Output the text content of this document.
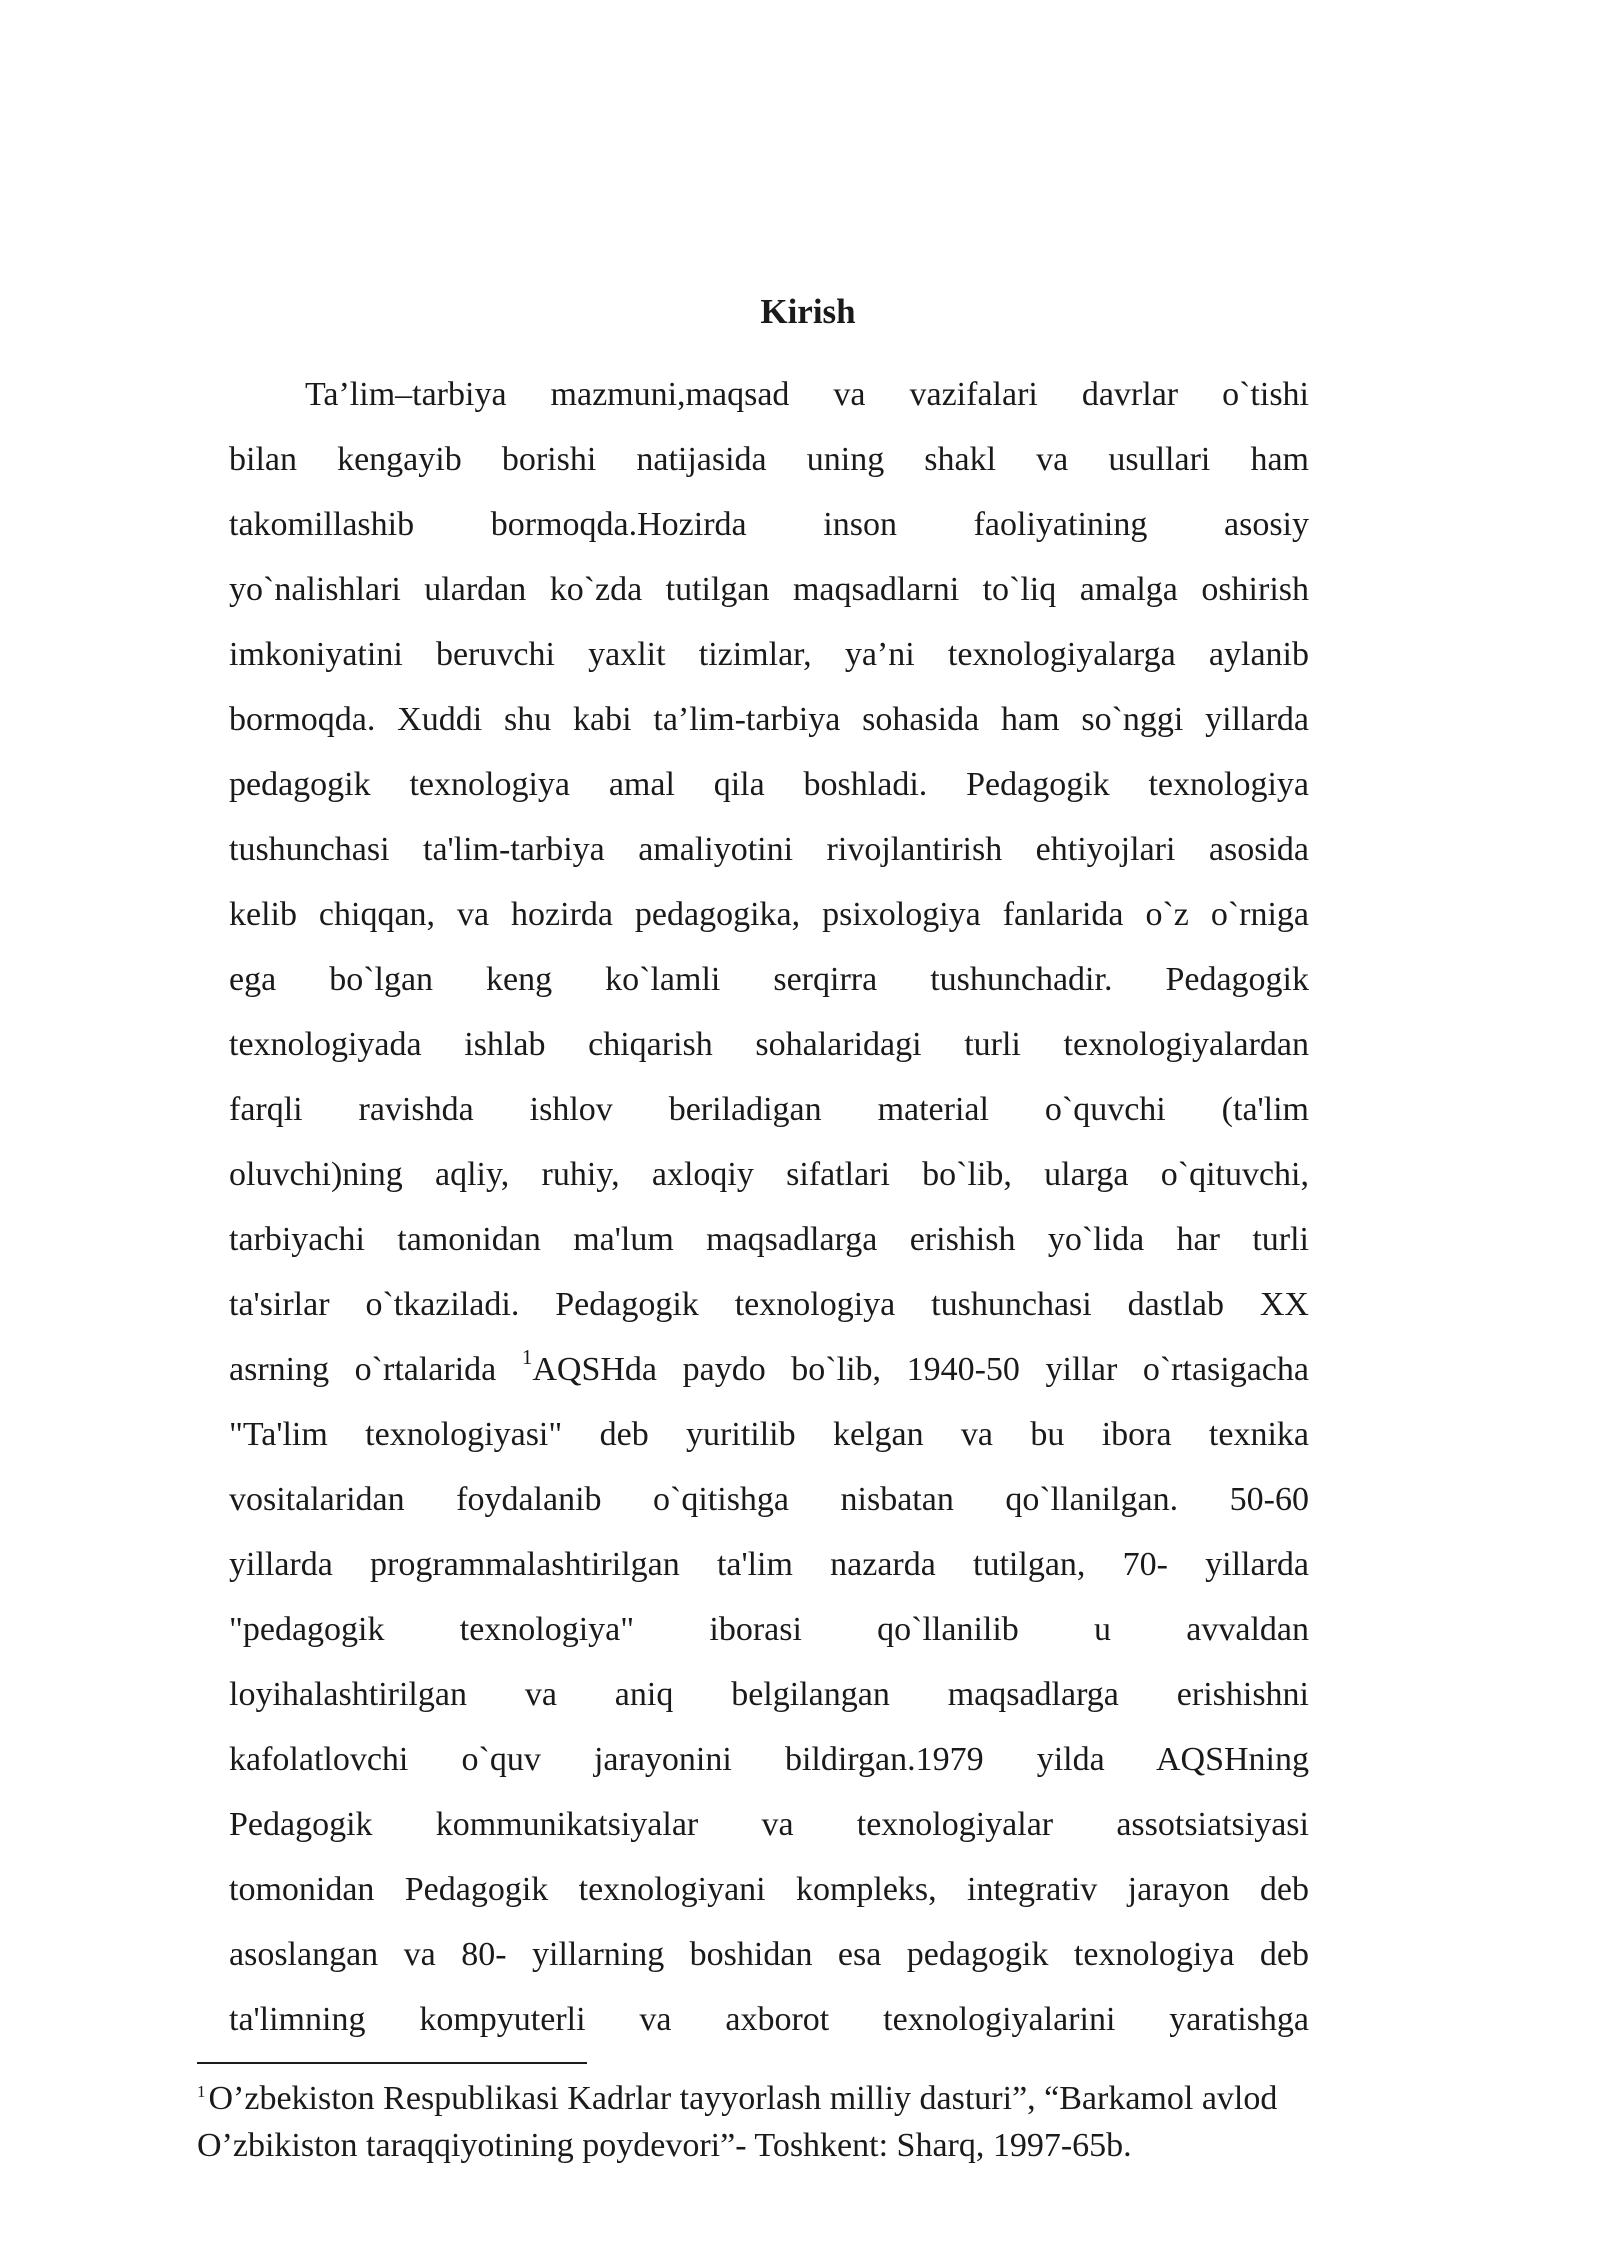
Kirish
Ta’lim–tarbiya mazmuni,maqsad va vazifalari davrlar o`tishi
bilan kengayib borishi natijasida uning shakl va usullari ham
takomillashib bormoqda.Hozirda inson faoliyatining asosiy
yo`nalishlari ulardan ko`zda tutilgan maqsadlarni to`liq amalga oshirish
imkoniyatini beruvchi yaxlit tizimlar, ya’ni texnologiyalarga aylanib
bormoqda. Xuddi shu kabi ta’lim-tarbiya sohasida ham so`nggi yillarda
pedagogik texnologiya amal qila boshladi. Pedagogik texnologiya
tushunchasi ta'lim-tarbiya amaliyotini rivojlantirish ehtiyojlari asosida
kelib chiqqan, va hozirda pedagogika, psixologiya fanlarida o`z o`rniga
ega bo`lgan keng ko`lamli serqirra tushunchadir. Pedagogik
texnologiyada ishlab chiqarish sohalaridagi turli texnologiyalardan
farqli ravishda ishlov beriladigan material o`quvchi (ta'lim
oluvchi)ning aqliy, ruhiy, axloqiy sifatlari bo`lib, ularga o`qituvchi,
tarbiyachi tamonidan ma'lum maqsadlarga erishish yo`lida har turli
ta'sirlar o`tkaziladi. Pedagogik texnologiya tushunchasi dastlab XX
asrning o`rtalarida $^1$AQSHda paydo bo`lib, 1940-50 yillar o`rtasigacha
"Ta'lim texnologiyasi" deb yuritilib kelgan va bu ibora texnika
vositalaridan foydalanib o`qitishga nisbatan qo`llanilgan. 50-60
yillarda programmalashtirilgan ta'lim nazarda tutilgan, 70- yillarda
"pedagogik texnologiya" iborasi qo`llanilib u avvaldan
loyihalashtirilgan va aniq belgilangan maqsadlarga erishishni
kafolatlovchi o`quv jarayonini bildirgan.1979 yilda AQSHning
Pedagogik kommunikatsiyalar va texnologiyalar assotsiatsiyasi
tomonidan Pedagogik texnologiyani kompleks, integrativ jarayon deb
asoslangan va 80- yillarning boshidan esa pedagogik texnologiya deb
ta'limning kompyuterli va axborot texnologiyalarini yaratishga
$^1$O’zbekiston Respublikasi Kadrlar tayyorlash milliy dasturi”, “Barkamol avlod
O’zbikiston taraqqiyotining poydevori”- Toshkent: Sharq, 1997-65b.
